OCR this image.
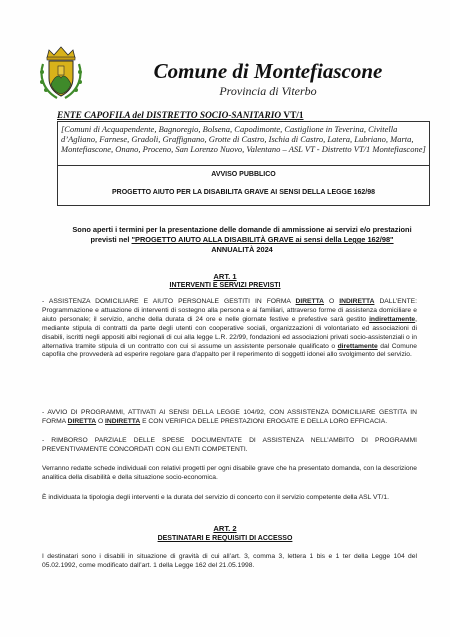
Comune di Montefiascone
Provincia di Viterbo
ENTE CAPOFILA del DISTRETTO SOCIO-SANITARIO VT/1
[Comuni di Acquapendente, Bagnoregio, Bolsena, Capodimonte, Castiglione in Teverina, Civitella d’Agliano, Farnese, Gradoli, Graffignano, Grotte di Castro, Ischia di Castro, Latera, Lubriano, Marta, Montefiascone, Onano, Proceno, San Lorenzo Nuovo, Valentano – ASL VT - Distretto VT/1 Montefiascone]
AVVISO PUBBLICO
PROGETTO AIUTO PER LA DISABILITA GRAVE AI SENSI DELLA LEGGE 162/98
Sono aperti i termini per la presentazione delle domande di ammissione ai servizi e/o prestazioni previsti nel "PROGETTO AIUTO ALLA DISABILITÀ GRAVE ai sensi della Legge 162/98"
ANNUALITÀ 2024
ART. 1
INTERVENTI E SERVIZI PREVISTI
- ASSISTENZA DOMICILIARE E AIUTO PERSONALE GESTITI IN FORMA DIRETTA O INDIRETTA DALL’ENTE: Programmazione e attuazione di interventi di sostegno alla persona e ai familiari, attraverso forme di assistenza domiciliare e aiuto personale; il servizio, anche della durata di 24 ore e nelle giornate festive e prefestive sarà gestito indirettamente, mediante stipula di contratti da parte degli utenti con cooperative sociali, organizzazioni di volontariato ed associazioni di disabili, iscritti negli appositi albi regionali di cui alla legge L.R. 22/99, fondazioni ed associazioni privati socio-assistenziali o in alternativa tramite stipula di un contratto con cui si assume un assistente personale qualificato o direttamente dal Comune capofila che provvederà ad esperire regolare gara d’appalto per il reperimento di soggetti idonei allo svolgimento del servizio.
- AVVIO DI PROGRAMMI, ATTIVATI AI SENSI DELLA LEGGE 104/92, CON ASSISTENZA DOMICILIARE GESTITA IN FORMA DIRETTA O INDIRETTA E CON VERIFICA DELLE PRESTAZIONI EROGATE E DELLA LORO EFFICACIA.
- RIMBORSO PARZIALE DELLE SPESE DOCUMENTATE DI ASSISTENZA NELL’AMBITO DI PROGRAMMI PREVENTIVAMENTE CONCORDATI CON GLI ENTI COMPETENTI.
Verranno redatte schede individuali con relativi progetti per ogni disabile grave che ha presentato domanda, con la descrizione analitica della disabilità e della situazione socio-economica.
È individuata la tipologia degli interventi e la durata del servizio di concerto con il servizio competente della ASL VT/1.
ART. 2
DESTINATARI E REQUISITI DI ACCESSO
I destinatari sono i disabili in situazione di gravità di cui all’art. 3, comma 3, lettera 1 bis e 1 ter della Legge 104 del 05.02.1992, come modificato dall’art. 1 della Legge 162 del 21.05.1998.
